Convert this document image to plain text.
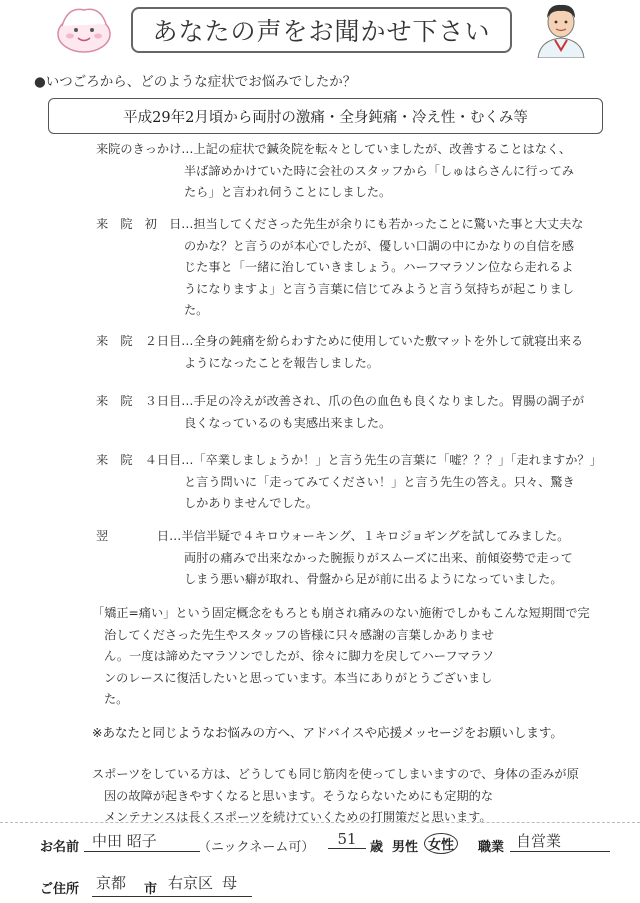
あなたの声をお聞かせ下さい
●いつごろから、どのような症状でお悩みでしたか？
平成29年2月頃から両肘の激痛・全身鈍痛・冷え性・むくみ等
来院のきっかけ…上記の症状で鍼灸院を転々としていましたが、改善することはなく、
半ば諦めかけていた時に会社のスタッフから「しゅはらさんに行ってみ
たら」と言われ伺うことにしました。
来　院　初　日…担当してくださった先生が余りにも若かったことに驚いた事と大丈夫な
のかな？と言うのが本心でしたが、優しい口調の中にかなりの自信を感
じた事と「一緒に治していきましょう。ハーフマラソン位なら走れるよ
うになりますよ」と言う言葉に信じてみようと言う気持ちが起こりまし
た。
来　院　２日目…全身の鈍痛を紛らわすために使用していた敷マットを外して就寝出来る
ようになったことを報告しました。
来　院　３日目…手足の冷えが改善され、爪の色の血色も良くなりました。胃腸の調子が
良くなっているのも実感出来ました。
来　院　４日目…「卒業しましょうか！」と言う先生の言葉に「嘘？？？」「走れますか？」
と言う問いに「走ってみてください！」と言う先生の答え。只々、驚き
しかありませんでした。
翌　　　　日…半信半疑で４キロウォーキング、１キロジョギングを試してみました。
両肘の痛みで出来なかった腕振りがスムーズに出来、前傾姿勢で走って
しまう悪い癖が取れ、骨盤から足が前に出るようになっていました。
「矯正=痛い」という固定概念をもろとも崩され痛みのない施術でしかもこんな短期間で完
治してくださった先生やスタッフの皆様に只々感謝の言葉しかありませ
ん。一度は諦めたマラソンでしたが、徐々に脚力を戻してハーフマラソ
ンのレースに復活したいと思っています。本当にありがとうございまし
た。
※あなたと同じようなお悩みの方へ、アドバイスや応援メッセージをお願いします。
スポーツをしている方は、どうしても同じ筋肉を使ってしまいますので、身体の歪みが原
因の故障が起きやすくなると思います。そうならないためにも定期的な
メンテナンスは長くスポーツを続けていくための打開策だと思います。
お名前 中田 昭子	（ニックネーム可）	51	歳 男性 女性	職業 自営業
ご住所 京都 市 右京区 母
